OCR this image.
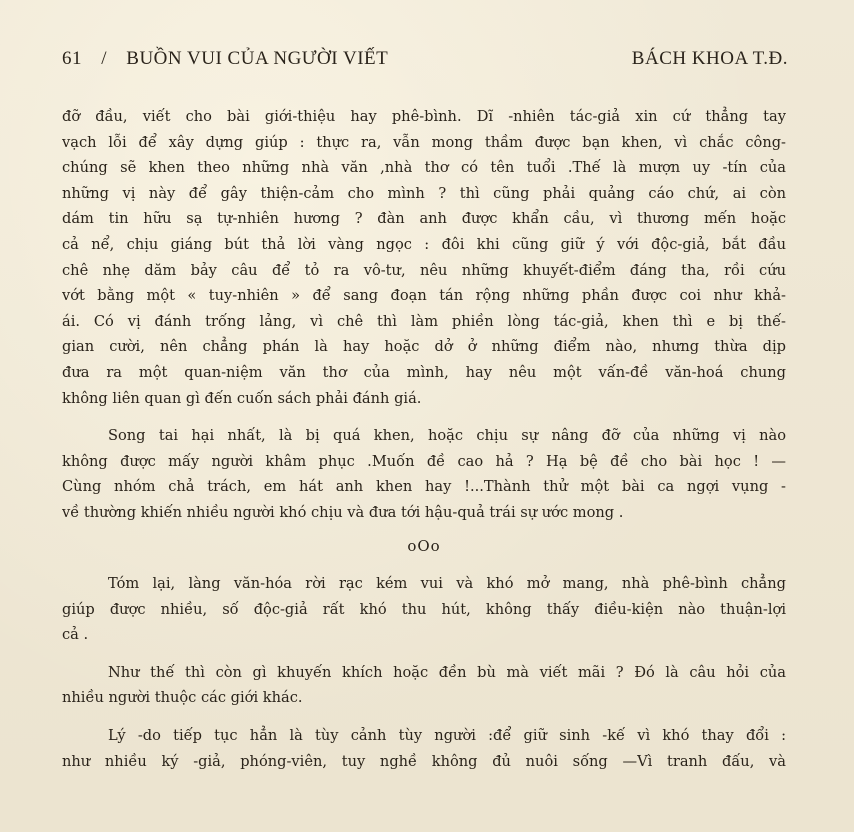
61 / BUỒN VUI CỦA NGƯỜI VIẾT	BÁCH KHOA T.Đ.
đỡ đầu, viết cho bài giới-thiệu hay phê-bình. Dĩ -nhiên tác-giả xin cứ thẳng tay
vạch lỗi để xây dựng giúp : thực ra, vẫn mong thầm được bạn khen, vì chắc công-
chúng sẽ khen theo những nhà văn ,nhà thơ có tên tuổi .Thế là mượn uy -tín của
những vị này để gây thiện-cảm cho mình ? thì cũng phải quảng cáo chứ, ai còn
dám tin hữu sạ tự-nhiên hương ? đàn anh được khẩn cầu, vì thương mến hoặc
cả nể, chịu giáng bút thả lời vàng ngọc : đôi khi cũng giữ ý với độc-giả, bắt đầu
chê nhẹ dăm bảy câu để tỏ ra vô-tư, nêu những khuyết-điểm đáng tha, rồi cứu
vớt bằng một « tuy-nhiên » để sang đoạn tán rộng những phần được coi như khả-
ái. Có vị đánh trống lảng, vì chê thì làm phiền lòng tác-giả, khen thì e bị thế-
gian cười, nên chẳng phán là hay hoặc dở ở những điểm nào, nhưng thừa dịp
đưa ra một quan-niệm văn thơ của mình, hay nêu một vấn-đề văn-hoá chung
không liên quan gì đến cuốn sách phải đánh giá.
Song tai hại nhất, là bị quá khen, hoặc chịu sự nâng đỡ của những vị nào
không được mấy người khâm phục .Muốn đề cao hả ? Hạ bệ đề cho bài học ! —
Cùng nhóm chả trách, em hát anh khen hay !...Thành thử một bài ca ngợi vụng -
về thường khiến nhiều người khó chịu và đưa tới hậu-quả trái sự ước mong .
oOo
Tóm lại, làng văn-hóa rời rạc kém vui và khó mở mang, nhà phê-bình chẳng
giúp được nhiều, số độc-giả rất khó thu hút, không thấy điều-kiện nào thuận-lợi
cả .
Như thế thì còn gì khuyến khích hoặc đền bù mà viết mãi ? Đó là câu hỏi của
nhiều người thuộc các giới khác.
Lý -do tiếp tục hẳn là tùy cảnh tùy người :để giữ sinh -kế vì khó thay đổi :
như nhiều ký -giả, phóng-viên, tuy nghề không đủ nuôi sống —Vì tranh đấu, và
